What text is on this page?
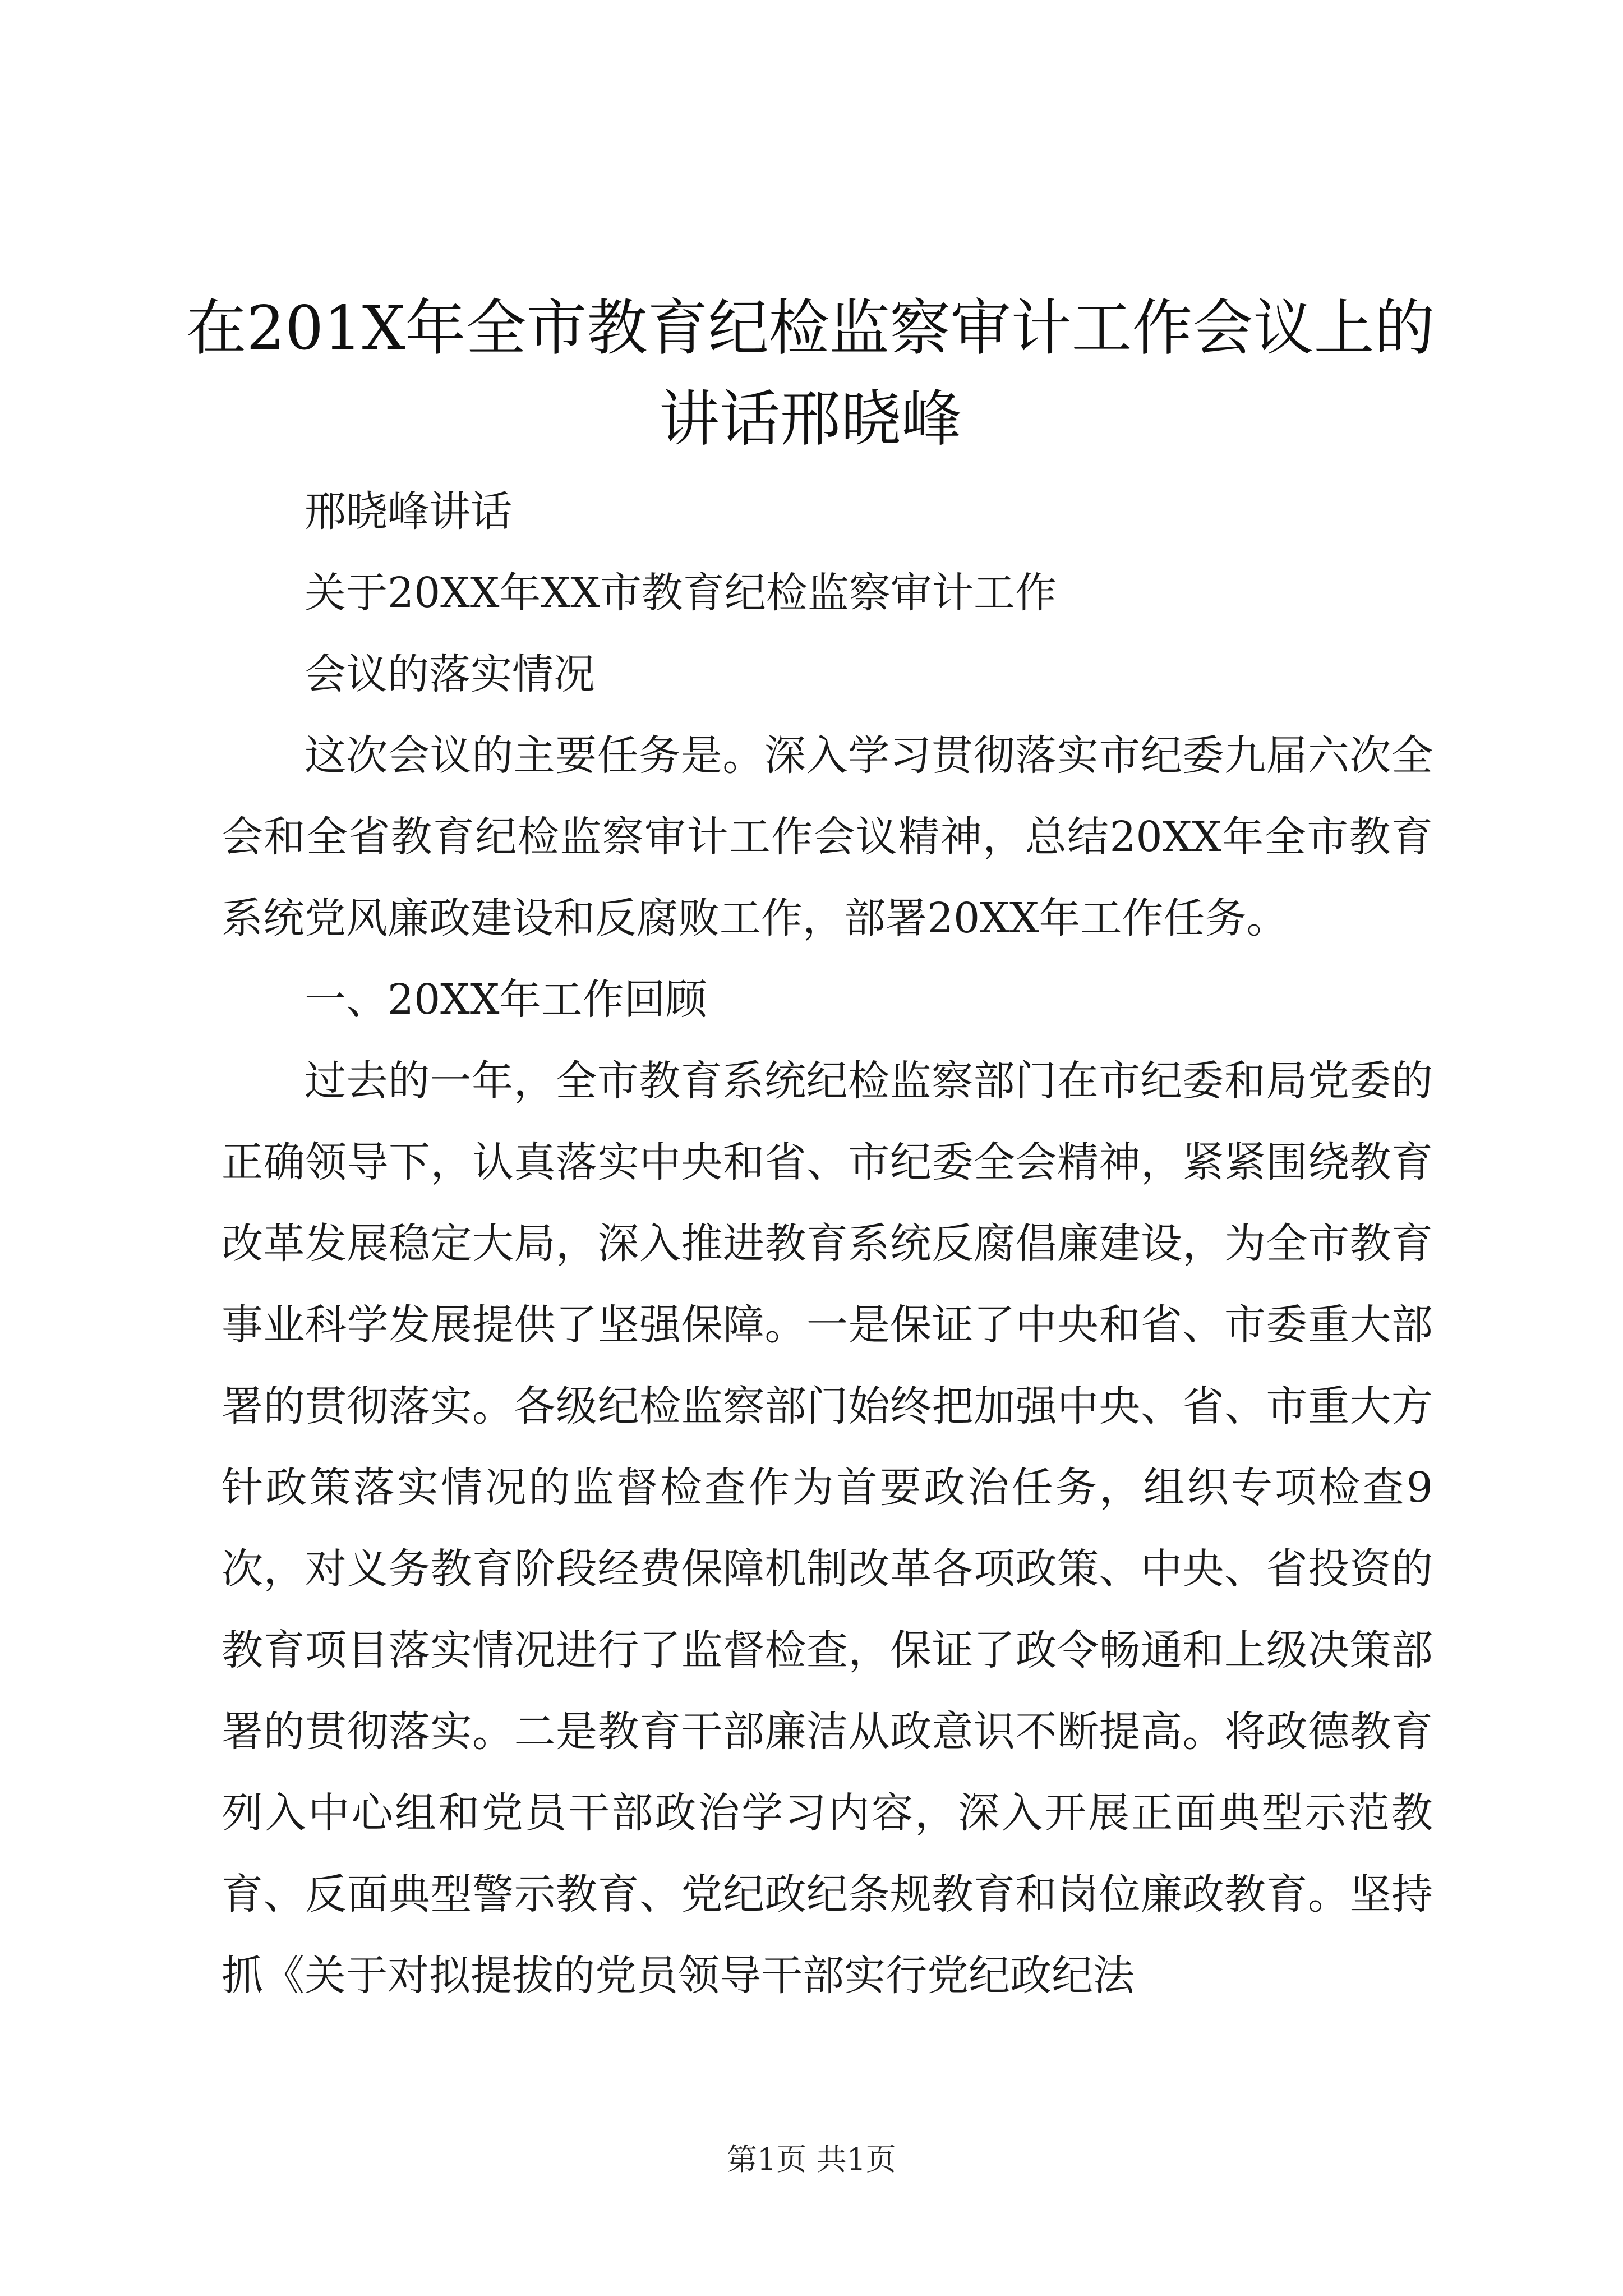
在201X年全市教育纪检监察审计工作会议上的讲话邢晓峰

邢晓峰讲话

关于20XX年XX市教育纪检监察审计工作

会议的落实情况

这次会议的主要任务是。深入学习贯彻落实市纪委九届六次全会和全省教育纪检监察审计工作会议精神，总结20XX年全市教育系统党风廉政建设和反腐败工作，部署20XX年工作任务。

一、20XX年工作回顾

过去的一年，全市教育系统纪检监察部门在市纪委和局党委的正确领导下，认真落实中央和省、市纪委全会精神，紧紧围绕教育改革发展稳定大局，深入推进教育系统反腐倡廉建设，为全市教育事业科学发展提供了坚强保障。一是保证了中央和省、市委重大部署的贯彻落实。各级纪检监察部门始终把加强中央、省、市重大方针政策落实情况的监督检查作为首要政治任务，组织专项检查9次，对义务教育阶段经费保障机制改革各项政策、中央、省投资的教育项目落实情况进行了监督检查，保证了政令畅通和上级决策部署的贯彻落实。二是教育干部廉洁从政意识不断提高。将政德教育列入中心组和党员干部政治学习内容，深入开展正面典型示范教育、反面典型警示教育、党纪政纪条规教育和岗位廉政教育。坚持抓《关于对拟提拔的党员领导干部实行党纪政纪法

第1页 共1页
